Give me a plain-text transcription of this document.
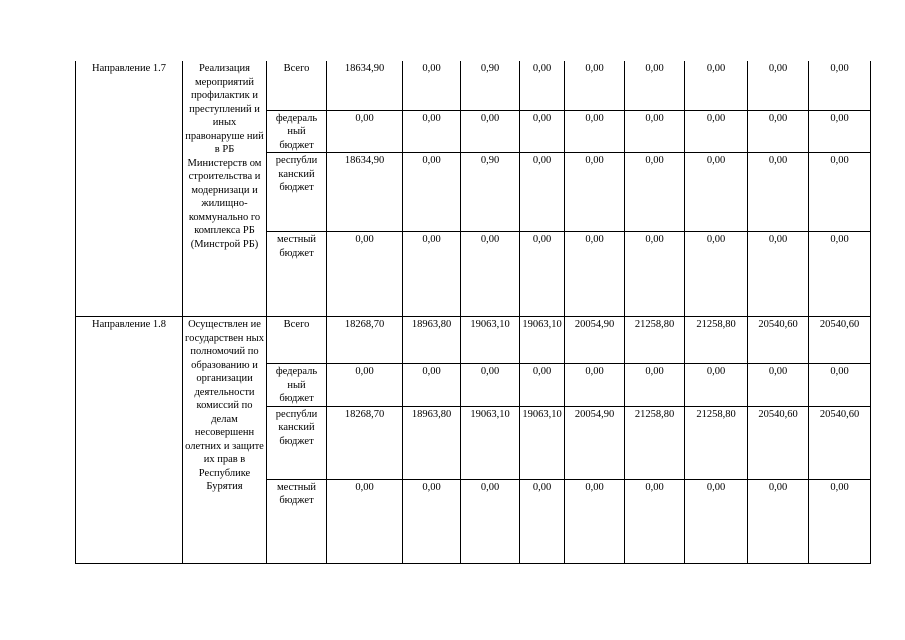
Направление 1.7	Реализация мероприятий профилактик и преступлений и иных правонаруше ний в РБ Министерств ом строительства и модернизаци и жилищно-коммунально го комплекса РБ (Минстрой РБ)	Всего	18634,90	0,00	0,90	0,00	0,00	0,00	0,00	0,00	0,00
		федераль ный бюджет	0,00	0,00	0,00	0,00	0,00	0,00	0,00	0,00	0,00
		республи канский бюджет	18634,90	0,00	0,90	0,00	0,00	0,00	0,00	0,00	0,00
		местный бюджет	0,00	0,00	0,00	0,00	0,00	0,00	0,00	0,00	0,00
Направление 1.8	Осуществлен ие государствен ных полномочий по образованию и организации деятельности комиссий по делам несовершенн олетних и защите их прав в Республике Бурятия	Всего	18268,70	18963,80	19063,10	19063,10	20054,90	21258,80	21258,80	20540,60	20540,60
		федераль ный бюджет	0,00	0,00	0,00	0,00	0,00	0,00	0,00	0,00	0,00
		республи канский бюджет	18268,70	18963,80	19063,10	19063,10	20054,90	21258,80	21258,80	20540,60	20540,60
		местный бюджет	0,00	0,00	0,00	0,00	0,00	0,00	0,00	0,00	0,00
